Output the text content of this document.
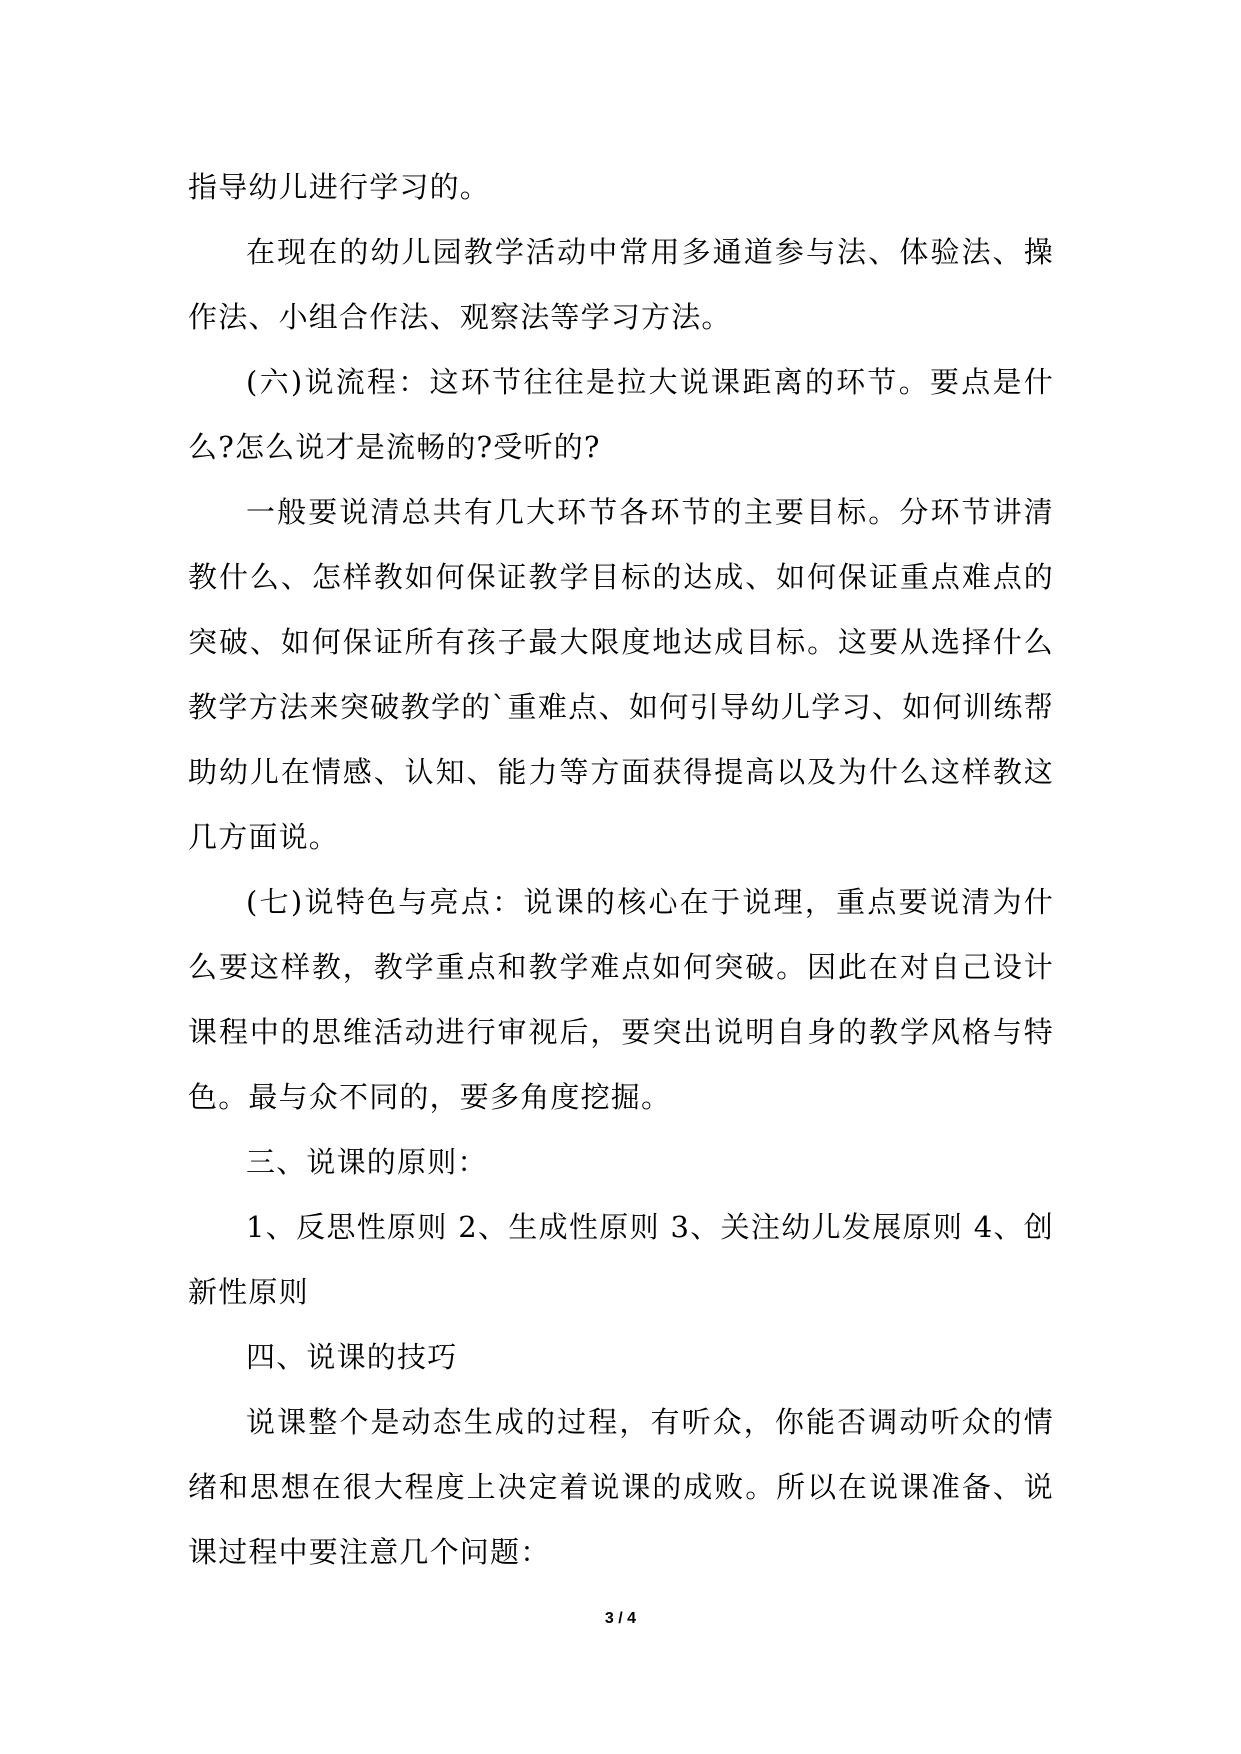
指导幼儿进行学习的。

在现在的幼儿园教学活动中常用多通道参与法、体验法、操作法、小组合作法、观察法等学习方法。

(六)说流程：这环节往往是拉大说课距离的环节。要点是什么?怎么说才是流畅的?受听的?

一般要说清总共有几大环节各环节的主要目标。分环节讲清教什么、怎样教如何保证教学目标的达成、如何保证重点难点的突破、如何保证所有孩子最大限度地达成目标。这要从选择什么教学方法来突破教学的`重难点、如何引导幼儿学习、如何训练帮助幼儿在情感、认知、能力等方面获得提高以及为什么这样教这几方面说。

(七)说特色与亮点：说课的核心在于说理，重点要说清为什么要这样教，教学重点和教学难点如何突破。因此在对自己设计课程中的思维活动进行审视后，要突出说明自身的教学风格与特色。最与众不同的，要多角度挖掘。

三、说课的原则：

1、反思性原则 2、生成性原则 3、关注幼儿发展原则 4、创新性原则

四、说课的技巧

说课整个是动态生成的过程，有听众，你能否调动听众的情绪和思想在很大程度上决定着说课的成败。所以在说课准备、说课过程中要注意几个问题：

3 / 4
